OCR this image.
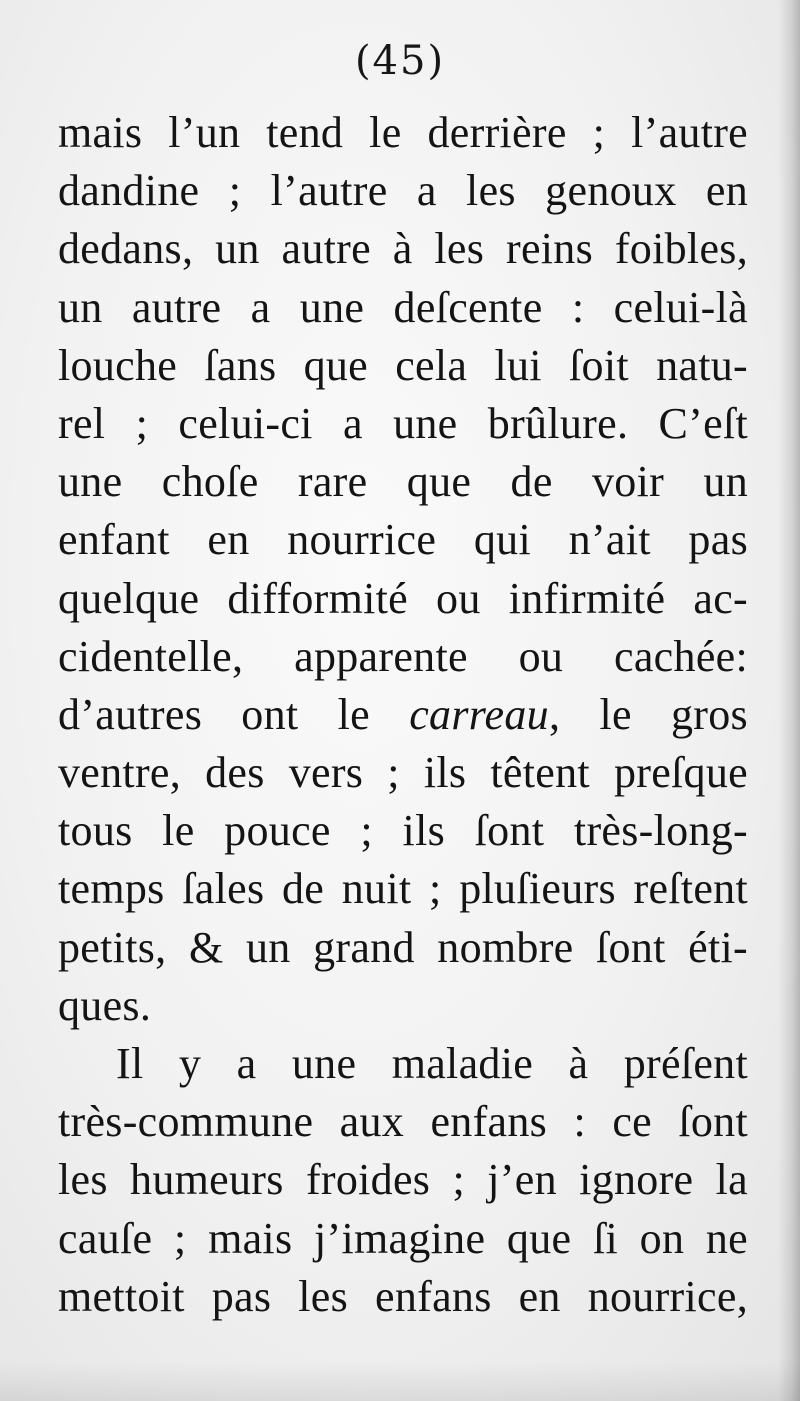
(45)

mais l’un tend le derrière ; l’autre
dandine ; l’autre a les genoux en
dedans, un autre à les reins foibles,
un autre a une deſcente : celui-là
louche ſans que cela lui ſoit natu-
rel ; celui-ci a une brûlure. C’eſt
une choſe rare que de voir un
enfant en nourrice qui n’ait pas
quelque difformité ou infirmité ac-
cidentelle, apparente ou cachée:
d’autres ont le carreau, le gros
ventre, des vers ; ils têtent preſque
tous le pouce ; ils ſont très-long-
temps ſales de nuit ; pluſieurs reſtent
petits, & un grand nombre ſont éti-
ques.
Il y a une maladie à préſent
très-commune aux enfans : ce ſont
les humeurs froides ; j’en ignore la
cauſe ; mais j’imagine que ſi on ne
mettoit pas les enfans en nourrice,
